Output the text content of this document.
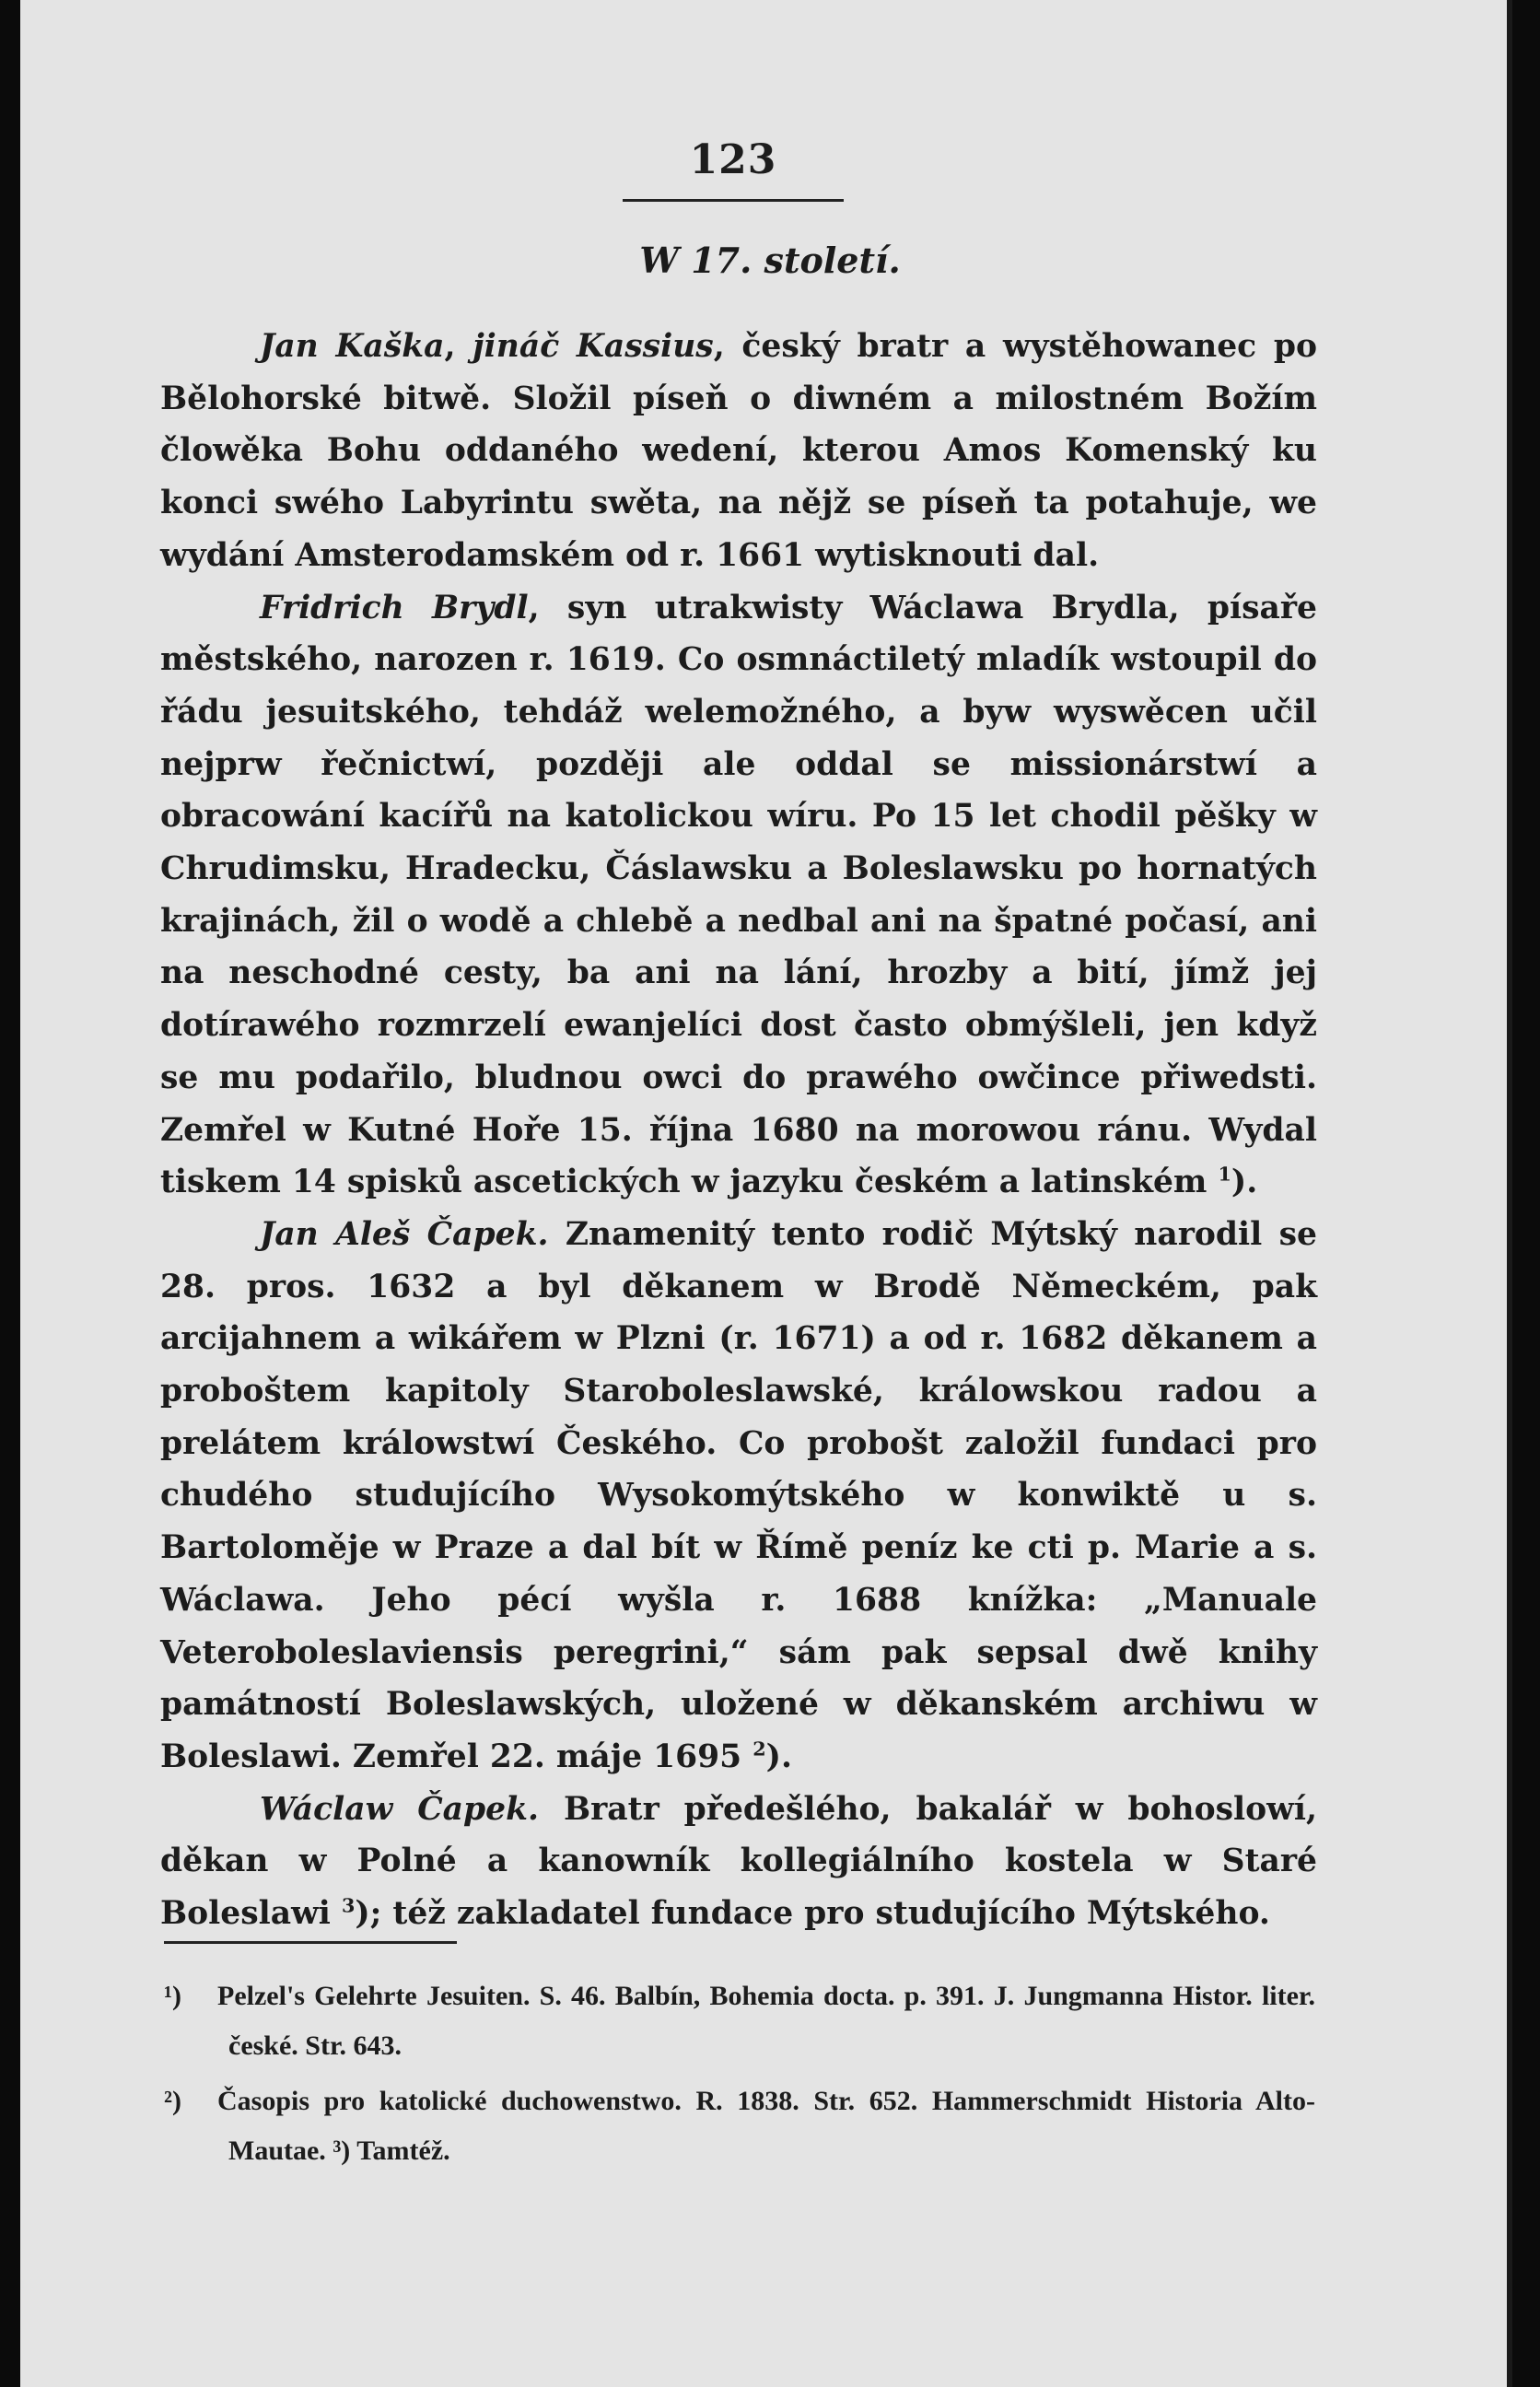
123
W 17. století.

Jan Kaška, jináč Kassius, český bratr a wystěhowanec po Bělohorské bitwě. Složil píseň o diwném a milostném Božím člowěka Bohu oddaného wedení, kterou Amos Komenský ku konci swého Labyrintu swěta, na nějž se píseň ta potahuje, we wydání Amsterodamském od r. 1661 wytisknouti dal.

Fridrich Brydl, syn utrakwisty Wáclawa Brydla, písaře městského, narozen r. 1619. Co osmnáctiletý mladík wstoupil do řádu jesuitského, tehdáž welemožného, a byw wyswěcen učil nejprw řečnictwí, později ale oddal se missionárstwí a obracowání kacířů na katolickou wíru. Po 15 let chodil pěšky w Chrudimsku, Hradecku, Čáslawsku a Boleslawsku po hornatých krajinách, žil o wodě a chlebě a nedbal ani na špatné počasí, ani na neschodné cesty, ba ani na lání, hrozby a bití, jímž jej dotírawého rozmrzelí ewanjelíci dost často obmýšleli, jen když se mu podařilo, bludnou owci do prawého owčince přiwedsti. Zemřel w Kutné Hoře 15. října 1680 na morowou ránu. Wydal tiskem 14 spisků ascetických w jazyku českém a latinském $^1$).

Jan Aleš Čapek. Znamenitý tento rodič Mýtský narodil se 28. pros. 1632 a byl děkanem w Brodě Německém, pak arcijahnem a wikářem w Plzni (r. 1671) a od r. 1682 děkanem a proboštem kapitoly Staroboleslawské, králowskou radou a prelátem králowstwí Českého. Co probošt založil fundaci pro chudého studujícího Wysokomýtského w konwiktě u s. Bartoloměje w Praze a dal bít w Římě peníz ke cti p. Marie a s. Wáclawa. Jeho pécí wyšla r. 1688 knížka: „Manuale Veteroboleslaviensis peregrini,“ sám pak sepsal dwě knihy památností Boleslawských, uložené w děkanském archiwu w Boleslawi. Zemřel 22. máje 1695 $^2$).

Wáclaw Čapek. Bratr předešlého, bakalář w bohoslowí, děkan w Polné a kanowník kollegiálního kostela w Staré Boleslawi $^3$); též zakladatel fundace pro studujícího Mýtského.

¹) Pelzel's Gelehrte Jesuiten. S. 46. Balbín, Bohemia docta. p. 391. J. Jungmanna Histor. liter. české. Str. 643.

²) Časopis pro katolické duchowenstwo. R. 1838. Str. 652. Hammerschmidt Historia Alto-Mautae. ³) Tamtéž.
